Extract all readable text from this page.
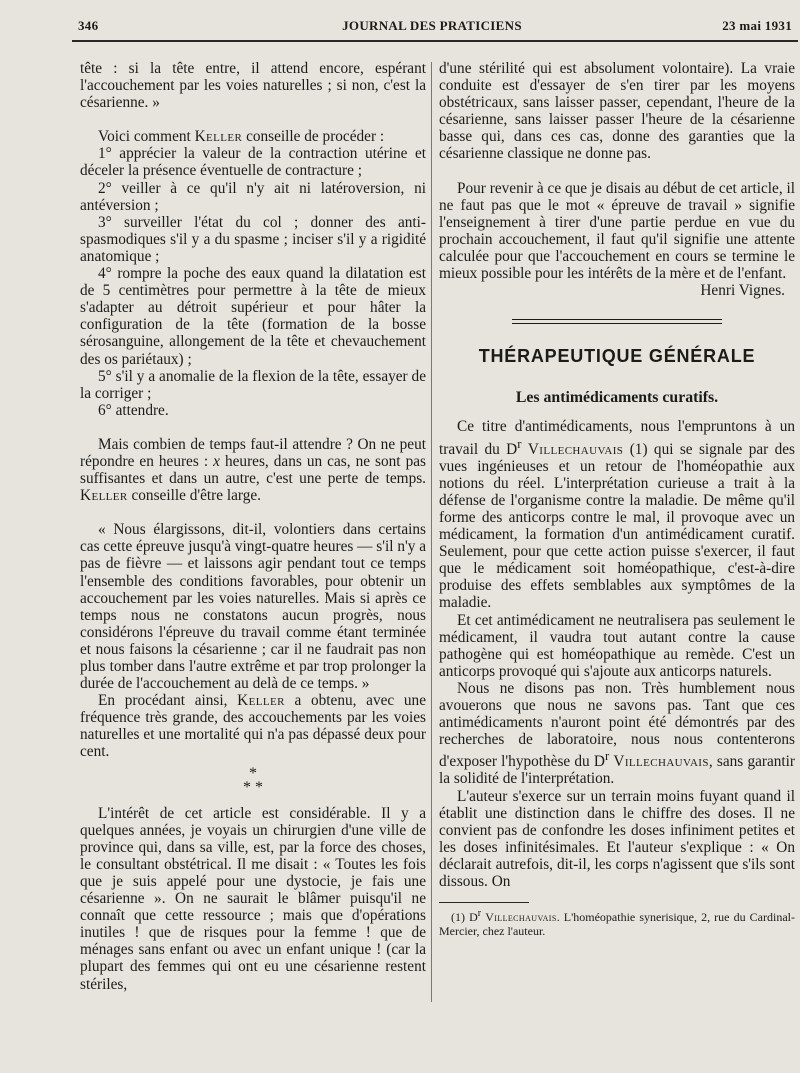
346	JOURNAL DES PRATICIENS	23 mai 1931

tête : si la tête entre, il attend encore, espérant l'accouchement par les voies naturelles ; si non, c'est la césarienne. »

Voici comment Keller conseille de procéder :

1° apprécier la valeur de la contraction utérine et déceler la présence éventuelle de contracture ;

2° veiller à ce qu'il n'y ait ni latéroversion, ni antéversion ;

3° surveiller l'état du col ; donner des anti-spasmodiques s'il y a du spasme ; inciser s'il y a rigidité anatomique ;

4° rompre la poche des eaux quand la dilatation est de 5 centimètres pour permettre à la tête de mieux s'adapter au détroit supérieur et pour hâter la configuration de la tête (formation de la bosse sérosanguine, allongement de la tête et chevauchement des os pariétaux) ;

5° s'il y a anomalie de la flexion de la tête, essayer de la corriger ;

6° attendre.

Mais combien de temps faut-il attendre ? On ne peut répondre en heures : x heures, dans un cas, ne sont pas suffisantes et dans un autre, c'est une perte de temps. Keller conseille d'être large.

« Nous élargissons, dit-il, volontiers dans certains cas cette épreuve jusqu'à vingt-quatre heures — s'il n'y a pas de fièvre — et laissons agir pendant tout ce temps l'ensemble des conditions favorables, pour obtenir un accouchement par les voies naturelles. Mais si après ce temps nous ne constatons aucun progrès, nous considérons l'épreuve du travail comme étant terminée et nous faisons la césarienne ; car il ne faudrait pas non plus tomber dans l'autre extrême et par trop prolonger la durée de l'accouchement au delà de ce temps. »

En procédant ainsi, Keller a obtenu, avec une fréquence très grande, des accouchements par les voies naturelles et une mortalité qui n'a pas dépassé deux pour cent.

*
* *

L'intérêt de cet article est considérable. Il y a quelques années, je voyais un chirurgien d'une ville de province qui, dans sa ville, est, par la force des choses, le consultant obstétrical. Il me disait : « Toutes les fois que je suis appelé pour une dystocie, je fais une césarienne ». On ne saurait le blâmer puisqu'il ne connaît que cette ressource ; mais que d'opérations inutiles ! que de risques pour la femme ! que de ménages sans enfant ou avec un enfant unique ! (car la plupart des femmes qui ont eu une césarienne restent stériles,

d'une stérilité qui est absolument volontaire). La vraie conduite est d'essayer de s'en tirer par les moyens obstétricaux, sans laisser passer, cependant, l'heure de la césarienne, sans laisser passer l'heure de la césarienne basse qui, dans ces cas, donne des garanties que la césarienne classique ne donne pas.

Pour revenir à ce que je disais au début de cet article, il ne faut pas que le mot « épreuve de travail » signifie l'enseignement à tirer d'une partie perdue en vue du prochain accouchement, il faut qu'il signifie une attente calculée pour que l'accouchement en cours se termine le mieux possible pour les intérêts de la mère et de l'enfant.

Henri Vignes.

THÉRAPEUTIQUE GÉNÉRALE
Les antimédicaments curatifs.

Ce titre d'antimédicaments, nous l'empruntons à un travail du $D^r$ Villechauvais (1) qui se signale par des vues ingénieuses et un retour de l'homéopathie aux notions du réel. L'interprétation curieuse a trait à la défense de l'organisme contre la maladie. De même qu'il forme des anticorps contre le mal, il provoque avec un médicament, la formation d'un antimédicament curatif. Seulement, pour que cette action puisse s'exercer, il faut que le médicament soit homéopathique, c'est-à-dire produise des effets semblables aux symptômes de la maladie.

Et cet antimédicament ne neutralisera pas seulement le médicament, il vaudra tout autant contre la cause pathogène qui est homéopathique au remède. C'est un anticorps provoqué qui s'ajoute aux anticorps naturels.

Nous ne disons pas non. Très humblement nous avouerons que nous ne savons pas. Tant que ces antimédicaments n'auront point été démontrés par des recherches de laboratoire, nous nous contenterons d'exposer l'hypothèse du $D^r$ Villechauvais, sans garantir la solidité de l'interprétation.

L'auteur s'exerce sur un terrain moins fuyant quand il établit une distinction dans le chiffre des doses. Il ne convient pas de confondre les doses infiniment petites et les doses infinitésimales. Et l'auteur s'explique : « On déclarait autrefois, dit-il, les corps n'agissent que s'ils sont dissous. On

(1) $D^r$ Villechauvais. L'homéopathie synerisique, 2, rue du Cardinal-Mercier, chez l'auteur.
